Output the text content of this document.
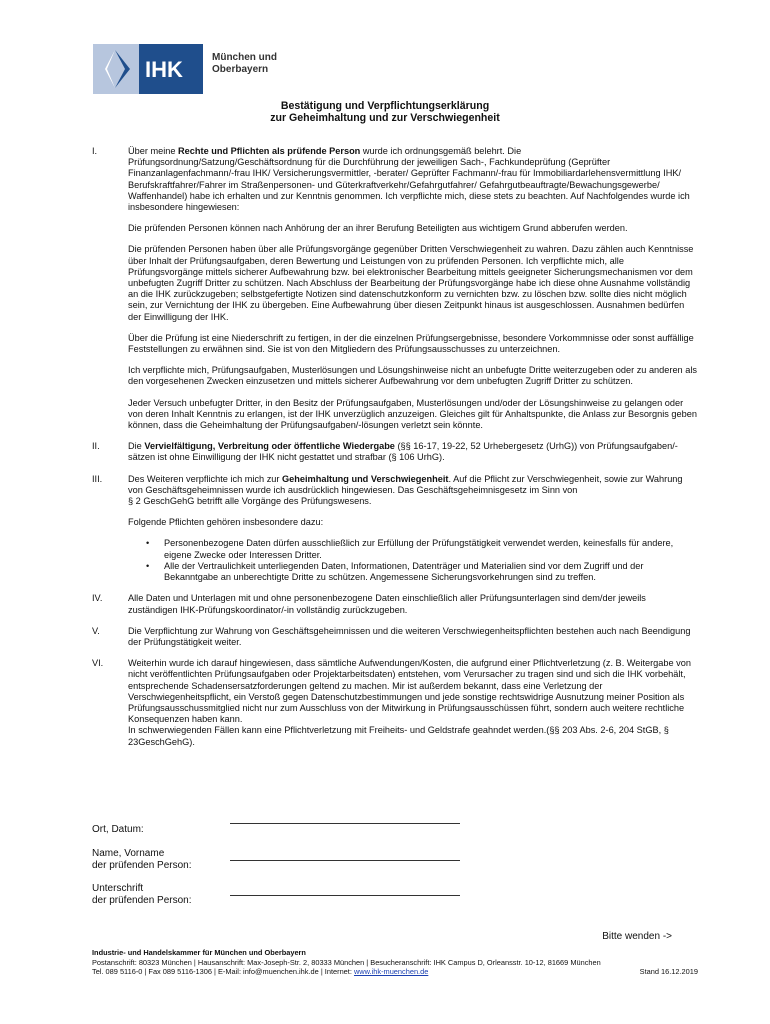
IHK	München und
Oberbayern
Bestätigung und Verpflichtungserklärung
zur Geheimhaltung und zur Verschwiegenheit
I.	Über meine Rechte und Pflichten als prüfende Person wurde ich ordnungsgemäß belehrt. Die Prüfungsordnung/Satzung/Geschäftsordnung für die Durchführung der jeweiligen Sach-, Fachkundeprüfung (Geprüfter Finanzanlagenfachmann/-frau IHK/ Versicherungsvermittler, -berater/ Geprüfter Fachmann/-frau für Immobiliardarlehensvermittlung IHK/ Berufskraftfahrer/Fahrer im Straßenpersonen- und Güterkraftverkehr/Gefahrgutfahrer/ Gefahrgutbeauftragte/Bewachungsgewerbe/ Waffenhandel) habe ich erhalten und zur Kenntnis genommen. Ich verpflichte mich, diese stets zu beachten. Auf Nachfolgendes wurde ich insbesondere hingewiesen:

Die prüfenden Personen können nach Anhörung der an ihrer Berufung Beteiligten aus wichtigem Grund abberufen werden.

Die prüfenden Personen haben über alle Prüfungsvorgänge gegenüber Dritten Verschwiegenheit zu wahren. Dazu zählen auch Kenntnisse über Inhalt der Prüfungsaufgaben, deren Bewertung und Leistungen von zu prüfenden Personen. Ich verpflichte mich, alle Prüfungsvorgänge mittels sicherer Aufbewahrung bzw. bei elektronischer Bearbeitung mittels geeigneter Sicherungsmechanismen vor dem unbefugten Zugriff Dritter zu schützen. Nach Abschluss der Bearbeitung der Prüfungsvorgänge habe ich diese ohne Ausnahme vollständig an die IHK zurückzugeben; selbstgefertigte Notizen sind datenschutzkonform zu vernichten bzw. zu löschen bzw. sollte dies nicht möglich sein, zur Vernichtung der IHK zu übergeben. Eine Aufbewahrung über diesen Zeitpunkt hinaus ist ausgeschlossen. Ausnahmen bedürfen der Einwilligung der IHK.

Über die Prüfung ist eine Niederschrift zu fertigen, in der die einzelnen Prüfungsergebnisse, besondere Vorkommnisse oder sonst auffällige Feststellungen zu erwähnen sind. Sie ist von den Mitgliedern des Prüfungsausschusses zu unterzeichnen.

Ich verpflichte mich, Prüfungsaufgaben, Musterlösungen und Lösungshinweise nicht an unbefugte Dritte weiterzugeben oder zu anderen als den vorgesehenen Zwecken einzusetzen und mittels sicherer Aufbewahrung vor dem unbefugten Zugriff Dritter zu schützen.

Jeder Versuch unbefugter Dritter, in den Besitz der Prüfungsaufgaben, Musterlösungen und/oder der Lösungshinweise zu gelangen oder von deren Inhalt Kenntnis zu erlangen, ist der IHK unverzüglich anzuzeigen. Gleiches gilt für Anhaltspunkte, die Anlass zur Besorgnis geben können, dass die Geheimhaltung der Prüfungsaufgaben/-lösungen verletzt sein könnte.

II.	Die Vervielfältigung, Verbreitung oder öffentliche Wiedergabe (§§ 16-17, 19-22, 52 Urhebergesetz (UrhG)) von Prüfungsaufgaben/-sätzen ist ohne Einwilligung der IHK nicht gestattet und strafbar (§ 106 UrhG).

III.	Des Weiteren verpflichte ich mich zur Geheimhaltung und Verschwiegenheit. Auf die Pflicht zur Verschwiegenheit, sowie zur Wahrung von Geschäftsgeheimnissen wurde ich ausdrücklich hingewiesen. Das Geschäftsgeheimnisgesetz im Sinn von
§ 2 GeschGehG betrifft alle Vorgänge des Prüfungswesens.

Folgende Pflichten gehören insbesondere dazu:

• Personenbezogene Daten dürfen ausschließlich zur Erfüllung der Prüfungstätigkeit verwendet werden, keinesfalls für andere, eigene Zwecke oder Interessen Dritter.
• Alle der Vertraulichkeit unterliegenden Daten, Informationen, Datenträger und Materialien sind vor dem Zugriff und der Bekanntgabe an unberechtigte Dritte zu schützen. Angemessene Sicherungsvorkehrungen sind zu treffen.
IV.	Alle Daten und Unterlagen mit und ohne personenbezogene Daten einschließlich aller Prüfungsunterlagen sind dem/der jeweils zuständigen IHK-Prüfungskoordinator/-in vollständig zurückzugeben.

V.	Die Verpflichtung zur Wahrung von Geschäftsgeheimnissen und die weiteren Verschwiegenheitspflichten bestehen auch nach Beendigung der Prüfungstätigkeit weiter.

VI.	Weiterhin wurde ich darauf hingewiesen, dass sämtliche Aufwendungen/Kosten, die aufgrund einer Pflichtverletzung (z. B. Weitergabe von nicht veröffentlichten Prüfungsaufgaben oder Projektarbeitsdaten) entstehen, vom Verursacher zu tragen sind und sich die IHK vorbehält, entsprechende Schadensersatzforderungen geltend zu machen. Mir ist außerdem bekannt, dass eine Verletzung der Verschwiegenheitspflicht, ein Verstoß gegen Datenschutzbestimmungen und jede sonstige rechtswidrige Ausnutzung meiner Position als Prüfungsausschussmitglied nicht nur zum Ausschluss von der Mitwirkung in Prüfungsausschüssen führt, sondern auch weitere rechtliche Konsequenzen haben kann.
In schwerwiegenden Fällen kann eine Pflichtverletzung mit Freiheits- und Geldstrafe geahndet werden.(§§ 203 Abs. 2-6, 204 StGB, § 23GeschGehG).

Ort, Datum:
Name, Vorname
der prüfenden Person:
Unterschrift
der prüfenden Person:
Bitte wenden ->
Industrie- und Handelskammer für München und Oberbayern
Postanschrift: 80323 München | Hausanschrift: Max-Joseph-Str. 2, 80333 München | Besucheranschrift: IHK Campus D, Orleansstr. 10-12, 81669 München
Tel. 089 5116-0 | Fax 089 5116-1306 | E-Mail: info@muenchen.ihk.de | Internet: www.ihk-muenchen.de	Stand 16.12.2019
